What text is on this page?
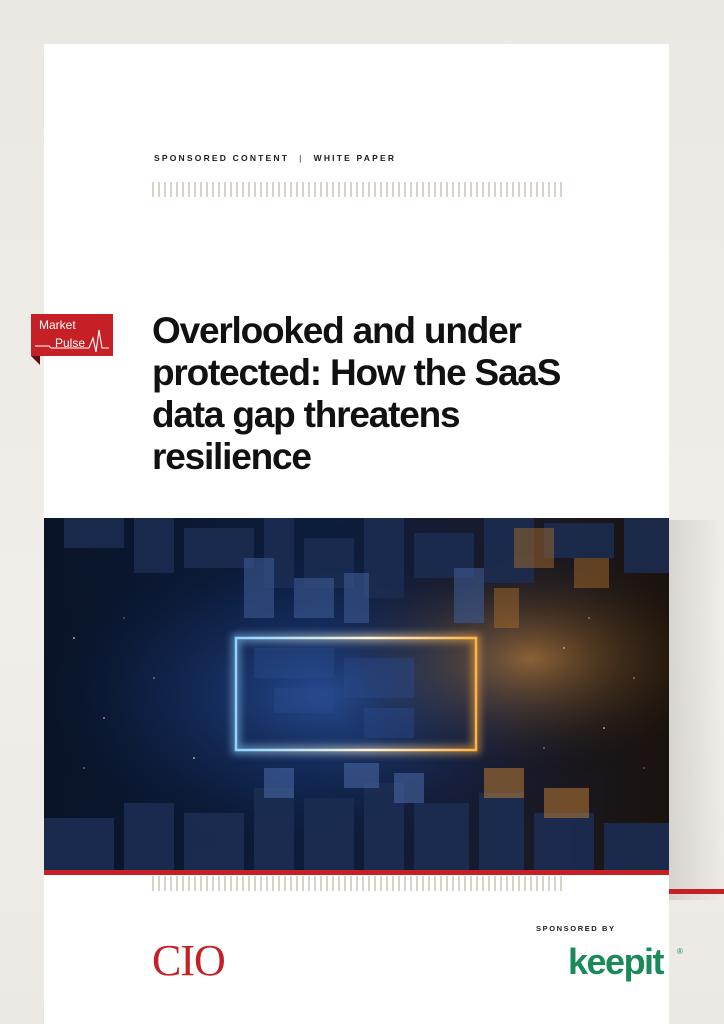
SPONSORED CONTENT | WHITE PAPER
Market
Pulse Overlooked and under protected: How the SaaS data gap threatens resilience
CIO
SPONSORED BY
keepit ®
